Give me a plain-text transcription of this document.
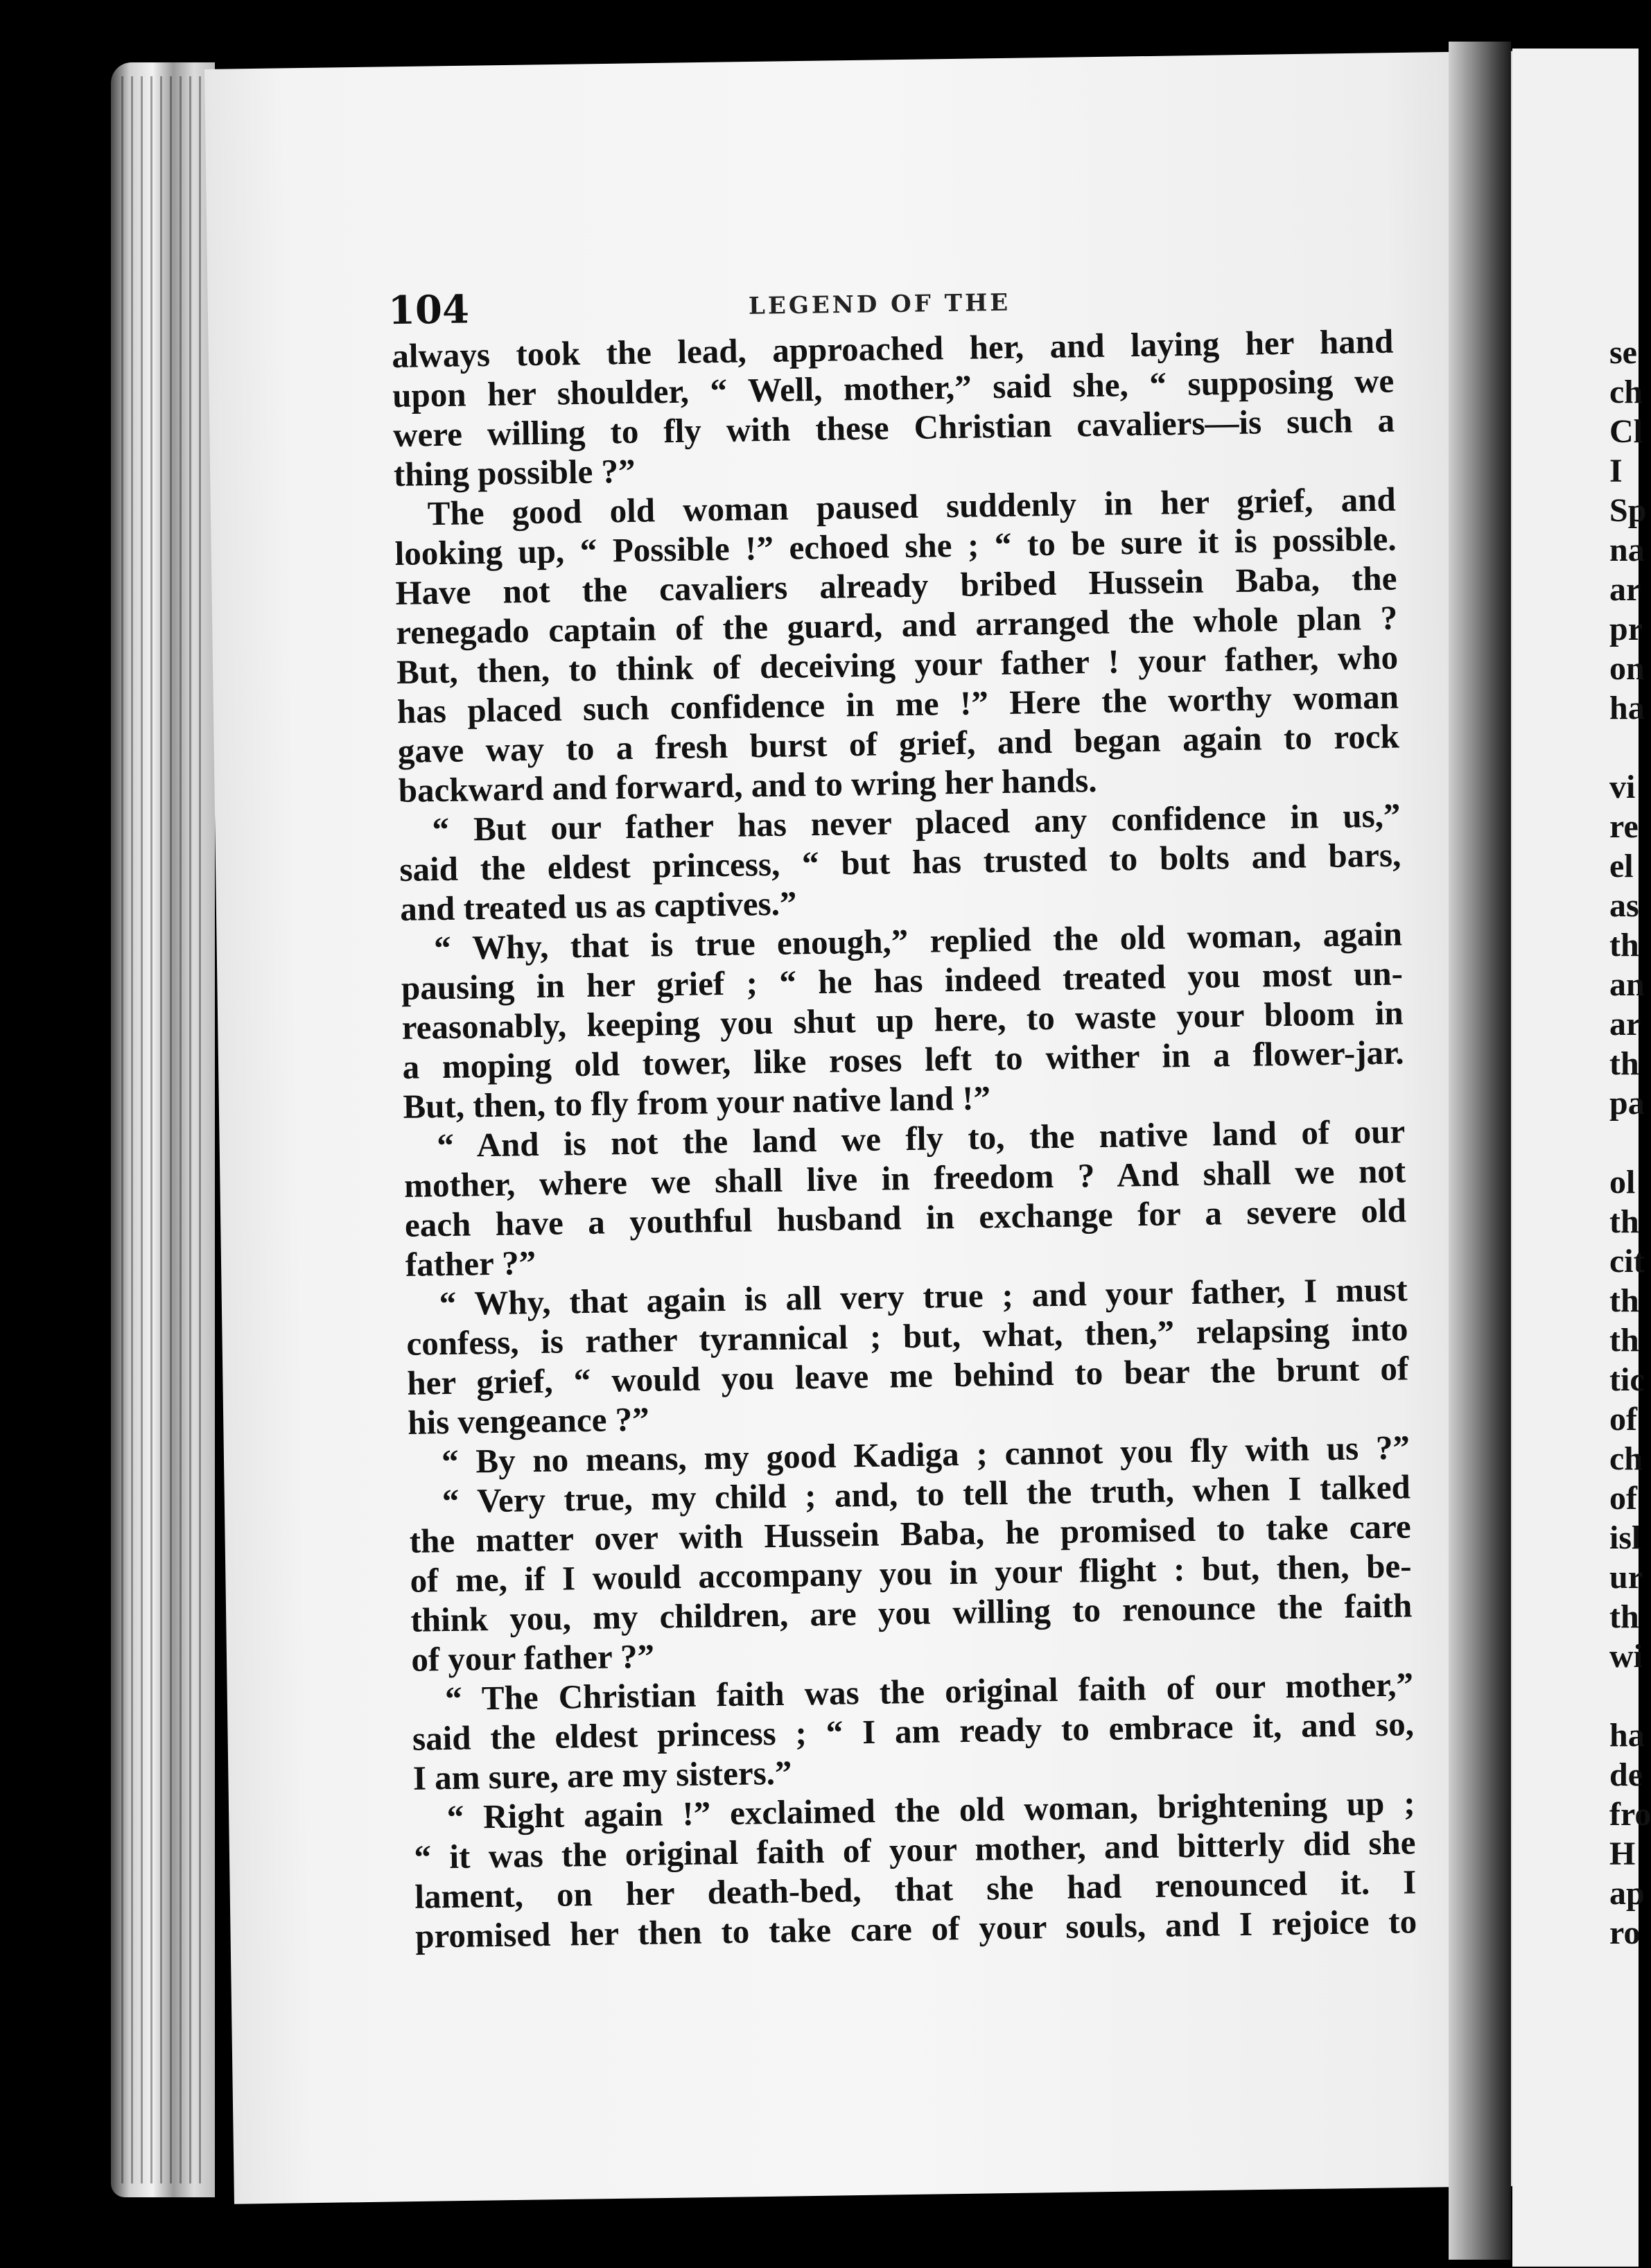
104	LEGEND OF THE
always took the lead, approached her, and laying her hand
upon her shoulder, “ Well, mother,” said she, “ supposing we
were willing to fly with these Christian cavaliers—is such a
thing possible ?”
The good old woman paused suddenly in her grief, and
looking up, “ Possible !” echoed she ; “ to be sure it is possible.
Have not the cavaliers already bribed Hussein Baba, the
renegado captain of the guard, and arranged the whole plan ?
But, then, to think of deceiving your father ! your father, who
has placed such confidence in me !” Here the worthy woman
gave way to a fresh burst of grief, and began again to rock
backward and forward, and to wring her hands.
“ But our father has never placed any confidence in us,”
said the eldest princess, “ but has trusted to bolts and bars,
and treated us as captives.”
“ Why, that is true enough,” replied the old woman, again
pausing in her grief ; “ he has indeed treated you most un-
reasonably, keeping you shut up here, to waste your bloom in
a moping old tower, like roses left to wither in a flower-jar.
But, then, to fly from your native land !”
“ And is not the land we fly to, the native land of our
mother, where we shall live in freedom ? And shall we not
each have a youthful husband in exchange for a severe old
father ?”
“ Why, that again is all very true ; and your father, I must
confess, is rather tyrannical ; but, what, then,” relapsing into
her grief, “ would you leave me behind to bear the brunt of
his vengeance ?”
“ By no means, my good Kadiga ; cannot you fly with us ?”
“ Very true, my child ; and, to tell the truth, when I talked
the matter over with Hussein Baba, he promised to take care
of me, if I would accompany you in your flight : but, then, be-
think you, my children, are you willing to renounce the faith
of your father ?”
“ The Christian faith was the original faith of our mother,”
said the eldest princess ; “ I am ready to embrace it, and so,
I am sure, are my sisters.”
“ Right again !” exclaimed the old woman, brightening up ;
“ it was the original faith of your mother, and bitterly did she
lament, on her death-bed, that she had renounced it. I
promised her then to take care of your souls, and I rejoice to
se
ch
Cl
I
Sp
na
ar
pr
on
ha
vi
re
el
as
th
an
ar
th
pa
ol
th
cit
th
th
tic
of
ch
of
isl
ur
th
wi
ha
de
fro
H
ap
ro
